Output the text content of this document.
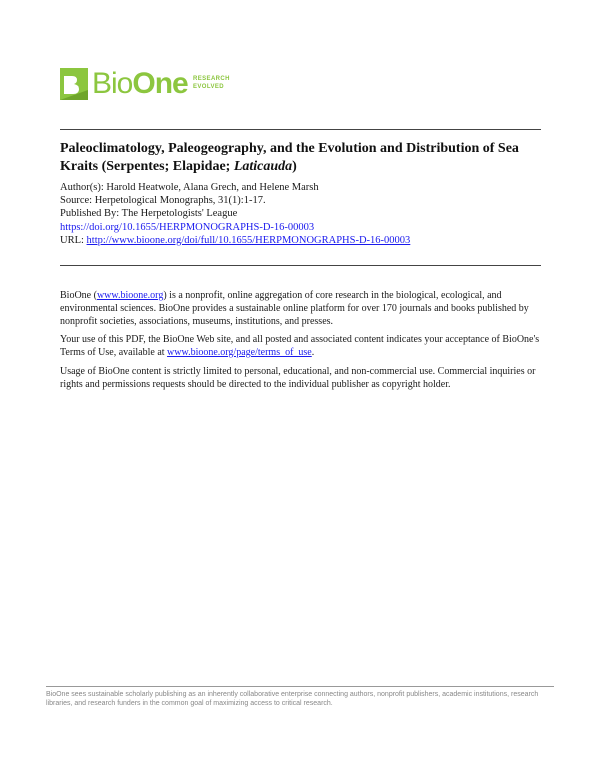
BioOne RESEARCH
EVOLVED
Paleoclimatology, Paleogeography, and the Evolution and Distribution of Sea Kraits (Serpentes; Elapidae; Laticauda)
Author(s): Harold Heatwole, Alana Grech, and Helene Marsh
Source: Herpetological Monographs, 31(1):1-17.
Published By: The Herpetologists' League
https://doi.org/10.1655/HERPMONOGRAPHS-D-16-00003
URL: http://www.bioone.org/doi/full/10.1655/HERPMONOGRAPHS-D-16-00003

BioOne (www.bioone.org) is a nonprofit, online aggregation of core research in the biological, ecological, and environmental sciences. BioOne provides a sustainable online platform for over 170 journals and books published by nonprofit societies, associations, museums, institutions, and presses.

Your use of this PDF, the BioOne Web site, and all posted and associated content indicates your acceptance of BioOne's Terms of Use, available at www.bioone.org/page/terms_of_use.

Usage of BioOne content is strictly limited to personal, educational, and non-commercial use. Commercial inquiries or rights and permissions requests should be directed to the individual publisher as copyright holder.

BioOne sees sustainable scholarly publishing as an inherently collaborative enterprise connecting authors, nonprofit publishers, academic institutions, research libraries, and research funders in the common goal of maximizing access to critical research.
